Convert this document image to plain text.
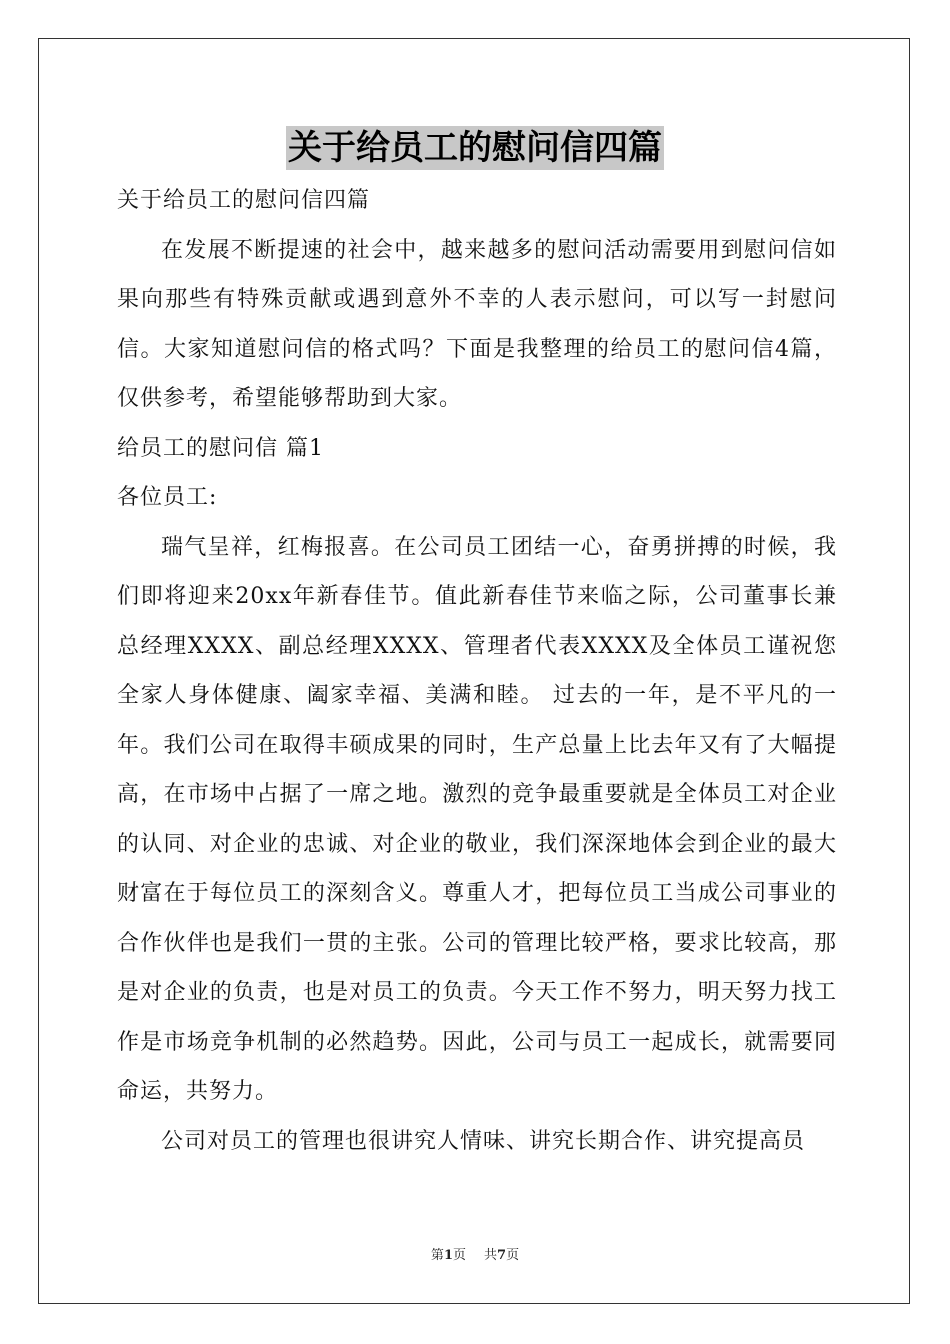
关于给员工的慰问信四篇

关于给员工的慰问信四篇

在发展不断提速的社会中，越来越多的慰问活动需要用到慰问信如果向那些有特殊贡献或遇到意外不幸的人表示慰问，可以写一封慰问信。大家知道慰问信的格式吗？下面是我整理的给员工的慰问信4篇，仅供参考，希望能够帮助到大家。

给员工的慰问信 篇1

各位员工:

瑞气呈祥，红梅报喜。在公司员工团结一心，奋勇拼搏的时候，我们即将迎来20xx年新春佳节。值此新春佳节来临之际，公司董事长兼总经理XXXX、副总经理XXXX、管理者代表XXXX及全体员工谨祝您全家人身体健康、阖家幸福、美满和睦。 过去的一年，是不平凡的一年。我们公司在取得丰硕成果的同时，生产总量上比去年又有了大幅提高，在市场中占据了一席之地。激烈的竞争最重要就是全体员工对企业的认同、对企业的忠诚、对企业的敬业，我们深深地体会到企业的最大财富在于每位员工的深刻含义。尊重人才，把每位员工当成公司事业的合作伙伴也是我们一贯的主张。公司的管理比较严格，要求比较高，那是对企业的负责，也是对员工的负责。今天工作不努力，明天努力找工作是市场竞争机制的必然趋势。因此，公司与员工一起成长，就需要同命运，共努力。

公司对员工的管理也很讲究人情味、讲究长期合作、讲究提高员

第1页 共7页
